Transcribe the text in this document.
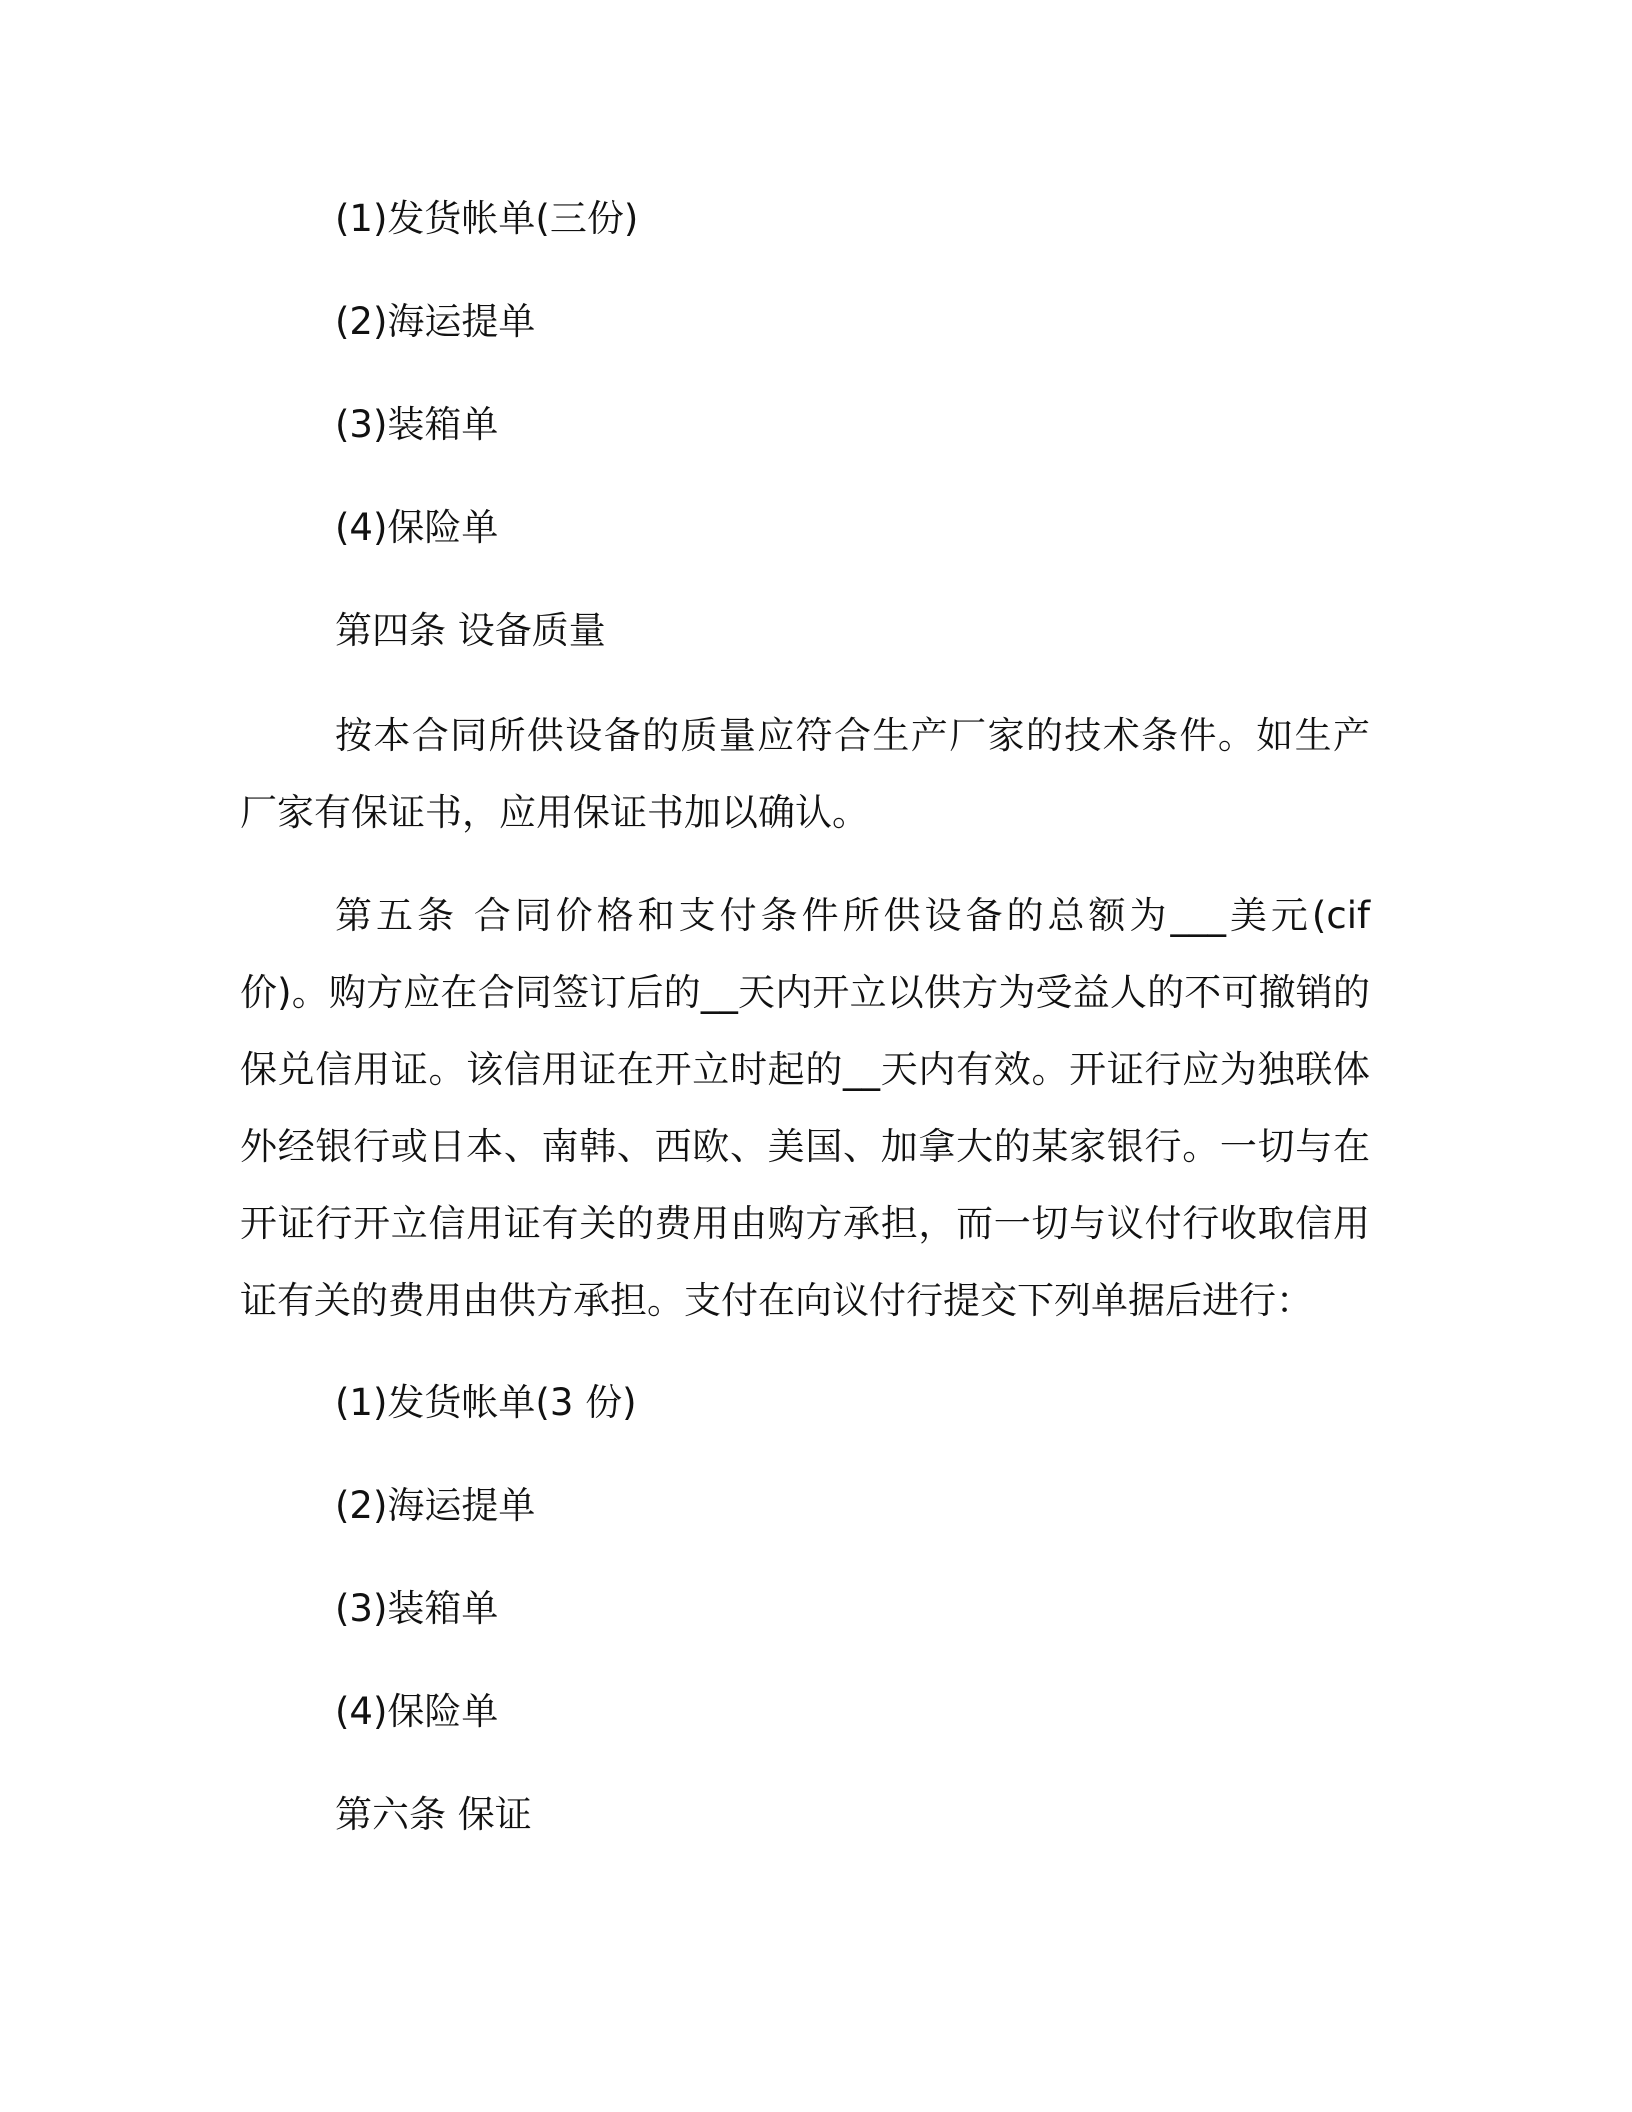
(1)发货帐单(三份)

(2)海运提单

(3)装箱单

(4)保险单

第四条 设备质量

按本合同所供设备的质量应符合生产厂家的技术条件。如生产厂家有保证书，应用保证书加以确认。

第五条 合同价格和支付条件所供设备的总额为___美元(cif 价)。购方应在合同签订后的__天内开立以供方为受益人的不可撤销的保兑信用证。该信用证在开立时起的__天内有效。开证行应为独联体外经银行或日本、南韩、西欧、美国、加拿大的某家银行。一切与在开证行开立信用证有关的费用由购方承担，而一切与议付行收取信用证有关的费用由供方承担。支付在向议付行提交下列单据后进行：

(1)发货帐单(3 份)

(2)海运提单

(3)装箱单

(4)保险单

第六条 保证
